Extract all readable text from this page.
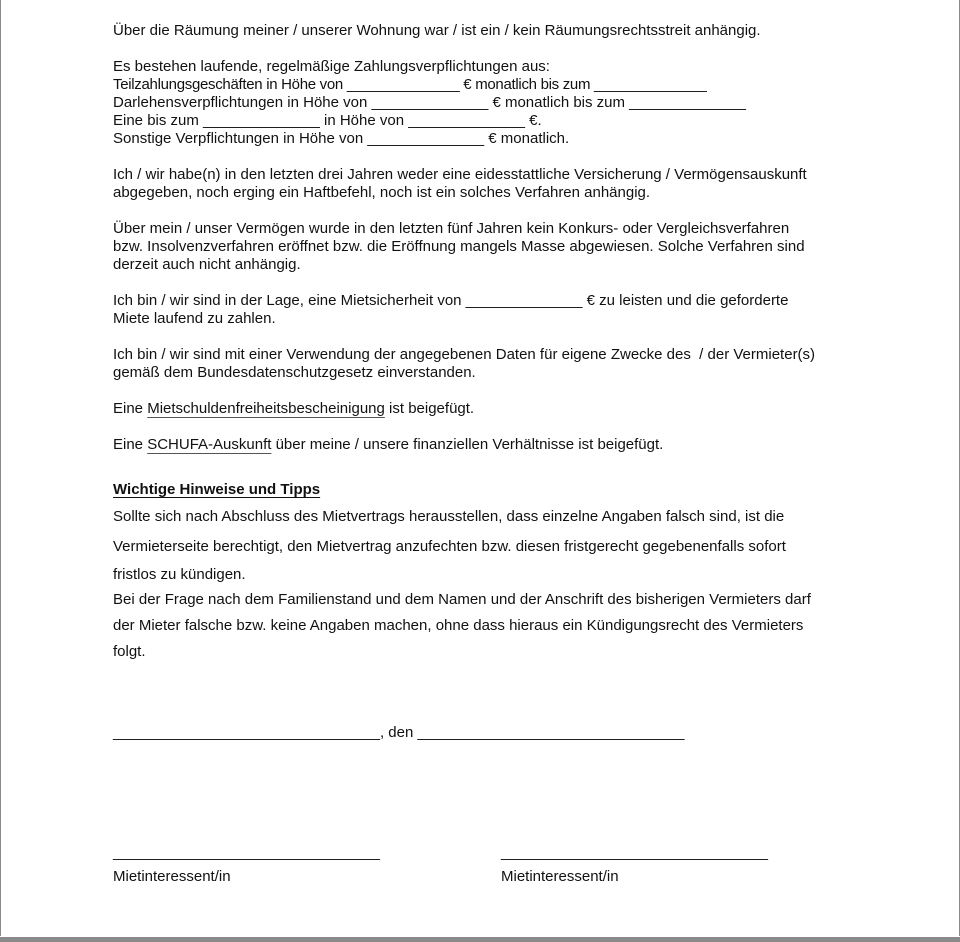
Über die Räumung meiner / unserer Wohnung war / ist ein / kein Räumungsrechtsstreit anhängig.
Es bestehen laufende, regelmäßige Zahlungsverpflichtungen aus:
Teilzahlungsgeschäften in Höhe von ______________ € monatlich bis zum ______________
Darlehensverpflichtungen in Höhe von ______________ € monatlich bis zum ______________
Eine bis zum ______________ in Höhe von ______________ €.
Sonstige Verpflichtungen in Höhe von ______________ € monatlich.
Ich / wir habe(n) in den letzten drei Jahren weder eine eidesstattliche Versicherung / Vermögensauskunft
abgegeben, noch erging ein Haftbefehl, noch ist ein solches Verfahren anhängig.
Über mein / unser Vermögen wurde in den letzten fünf Jahren kein Konkurs- oder Vergleichsverfahren
bzw. Insolvenzverfahren eröffnet bzw. die Eröffnung mangels Masse abgewiesen. Solche Verfahren sind
derzeit auch nicht anhängig.
Ich bin / wir sind in der Lage, eine Mietsicherheit von ______________ € zu leisten und die geforderte
Miete laufend zu zahlen.
Ich bin / wir sind mit einer Verwendung der angegebenen Daten für eigene Zwecke des  / der Vermieter(s)
gemäß dem Bundesdatenschutzgesetz einverstanden.
Eine Mietschuldenfreiheitsbescheinigung ist beigefügt.
Eine SCHUFA-Auskunft über meine / unsere finanziellen Verhältnisse ist beigefügt.
Wichtige Hinweise und Tipps
Sollte sich nach Abschluss des Mietvertrags herausstellen, dass einzelne Angaben falsch sind, ist die
Vermieterseite berechtigt, den Mietvertrag anzufechten bzw. diesen fristgerecht gegebenenfalls sofort
fristlos zu kündigen.
Bei der Frage nach dem Familienstand und dem Namen und der Anschrift des bisherigen Vermieters darf
der Mieter falsche bzw. keine Angaben machen, ohne dass hieraus ein Kündigungsrecht des Vermieters
folgt.
________________________________, den ________________________________
________________________________	________________________________
Mietinteressent/in	Mietinteressent/in
